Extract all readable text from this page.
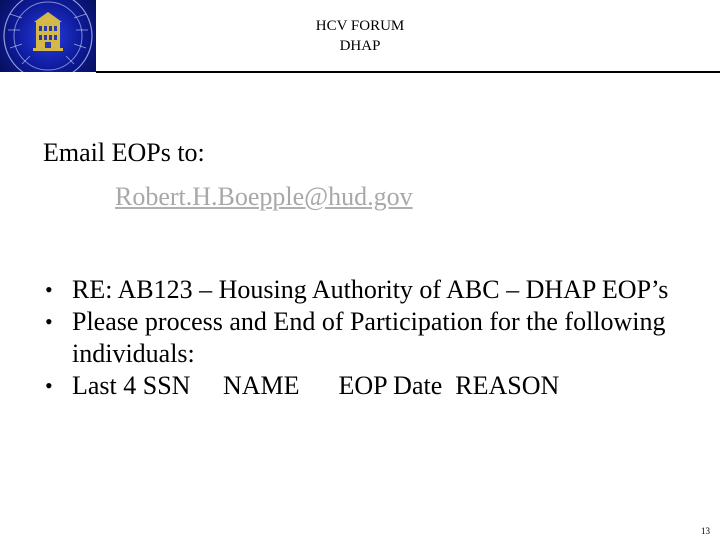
HCV FORUM
DHAP
Email EOPs to:
Robert.H.Boepple@hud.gov
• RE: AB123 – Housing Authority of ABC – DHAP EOP’s
• Please process and End of Participation for the following individuals:
• Last 4 SSN     NAME      EOP Date  REASON
13
